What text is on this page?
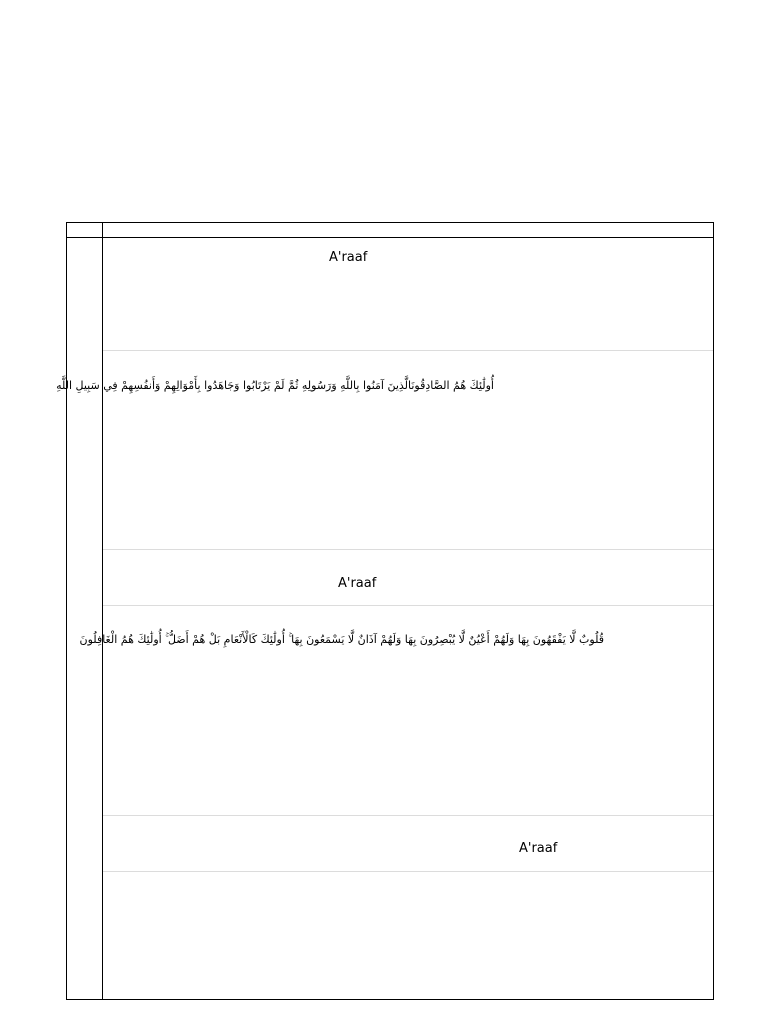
A'raaf
أُولَٰئِكَ هُمُ الصَّادِقُونَالَّذِينَ آمَنُوا بِاللَّهِ وَرَسُولِهِ ثُمَّ لَمْ يَرْتَابُوا وَجَاهَدُوا بِأَمْوَالِهِمْ وَأَنفُسِهِمْ فِي سَبِيلِ اللَّهِ
A'raaf
قُلُوبٌ لَّا يَفْقَهُونَ بِهَا وَلَهُمْ أَعْيُنٌ لَّا يُبْصِرُونَ بِهَا وَلَهُمْ آذَانٌ لَّا يَسْمَعُونَ بِهَا ۚ أُولَٰئِكَ كَالْأَنْعَامِ بَلْ هُمْ أَضَلُّ ۚ أُولَٰئِكَ هُمُ الْغَافِلُونَ
A'raaf
